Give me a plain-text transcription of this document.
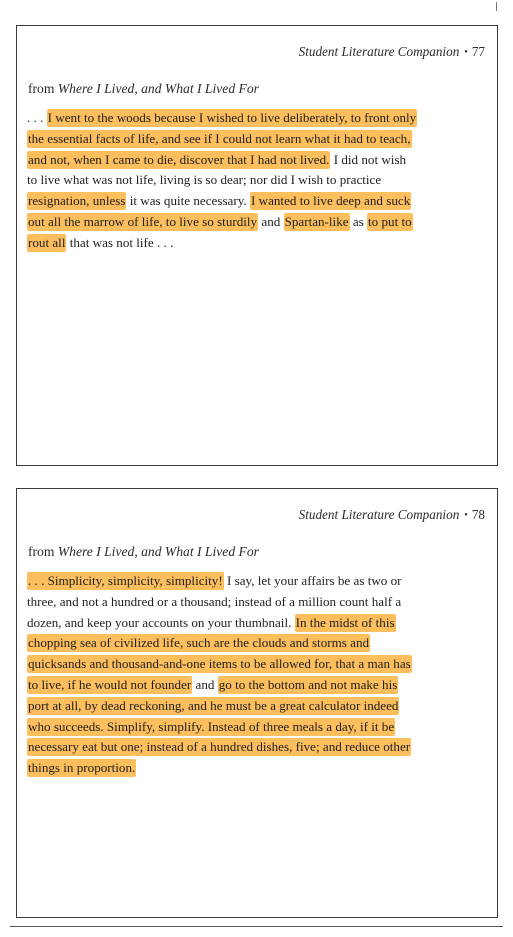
Student Literature Companion • 77
from Where I Lived, and What I Lived For
. . . I went to the woods because I wished to live deliberately, to front only
the essential facts of life, and see if I could not learn what it had to teach,
and not, when I came to die, discover that I had not lived. I did not wish
to live what was not life, living is so dear; nor did I wish to practice
resignation, unless it was quite necessary. I wanted to live deep and suck
out all the marrow of life, to live so sturdily and Spartan-like as to put to
rout all that was not life . . .
Student Literature Companion • 78
from Where I Lived, and What I Lived For
. . . Simplicity, simplicity, simplicity! I say, let your affairs be as two or
three, and not a hundred or a thousand; instead of a million count half a
dozen, and keep your accounts on your thumbnail. In the midst of this
chopping sea of civilized life, such are the clouds and storms and
quicksands and thousand-and-one items to be allowed for, that a man has
to live, if he would not founder and go to the bottom and not make his
port at all, by dead reckoning, and he must be a great calculator indeed
who succeeds. Simplify, simplify. Instead of three meals a day, if it be
necessary eat but one; instead of a hundred dishes, five; and reduce other
things in proportion.
